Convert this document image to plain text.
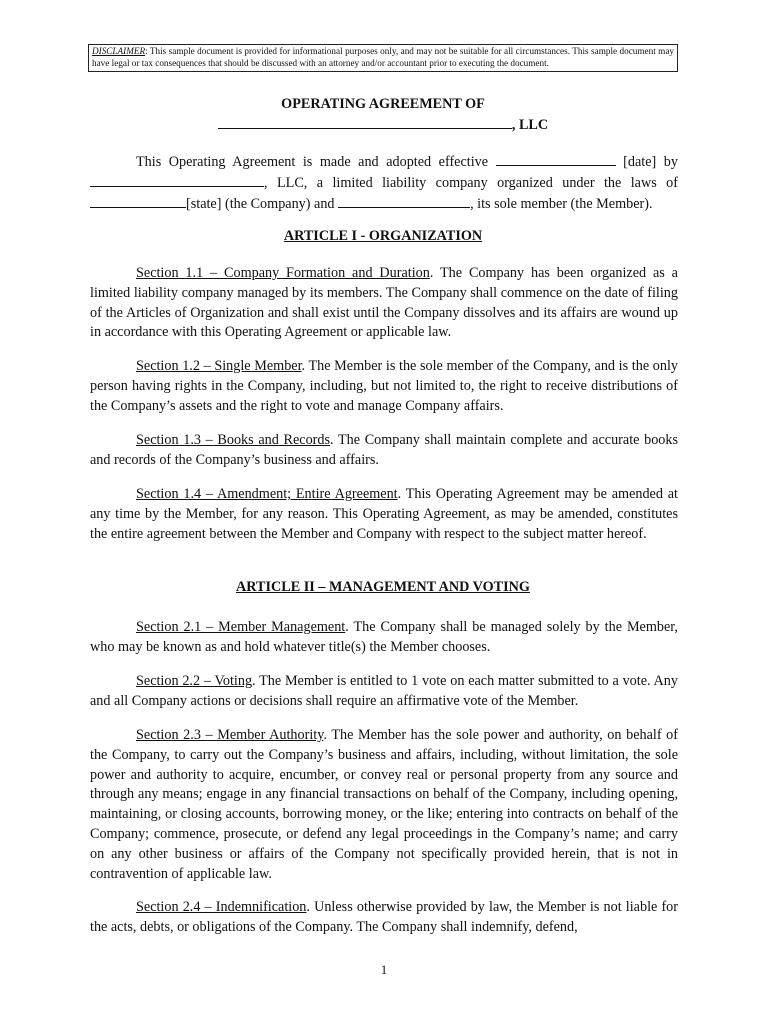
DISCLAIMER: This sample document is provided for informational purposes only, and may not be suitable for all circumstances. This sample document may have legal or tax consequences that should be discussed with an attorney and/or accountant prior to executing the document.
OPERATING AGREEMENT OF
, LLC
This Operating Agreement is made and adopted effective	[date] by , LLC, a limited liability company organized under the laws of [state] (the Company) and	, its sole member (the Member).
ARTICLE I - ORGANIZATION
Section 1.1 – Company Formation and Duration. The Company has been organized as a limited liability company managed by its members. The Company shall commence on the date of filing of the Articles of Organization and shall exist until the Company dissolves and its affairs are wound up in accordance with this Operating Agreement or applicable law.
Section 1.2 – Single Member. The Member is the sole member of the Company, and is the only person having rights in the Company, including, but not limited to, the right to receive distributions of the Company’s assets and the right to vote and manage Company affairs.
Section 1.3 – Books and Records. The Company shall maintain complete and accurate books and records of the Company’s business and affairs.
Section 1.4 – Amendment; Entire Agreement. This Operating Agreement may be amended at any time by the Member, for any reason. This Operating Agreement, as may be amended, constitutes the entire agreement between the Member and Company with respect to the subject matter hereof.
ARTICLE II – MANAGEMENT AND VOTING
Section 2.1 – Member Management. The Company shall be managed solely by the Member, who may be known as and hold whatever title(s) the Member chooses.
Section 2.2 – Voting. The Member is entitled to 1 vote on each matter submitted to a vote. Any and all Company actions or decisions shall require an affirmative vote of the Member.
Section 2.3 – Member Authority. The Member has the sole power and authority, on behalf of the Company, to carry out the Company’s business and affairs, including, without limitation, the sole power and authority to acquire, encumber, or convey real or personal property from any source and through any means; engage in any financial transactions on behalf of the Company, including opening, maintaining, or closing accounts, borrowing money, or the like; entering into contracts on behalf of the Company; commence, prosecute, or defend any legal proceedings in the Company’s name; and carry on any other business or affairs of the Company not specifically provided herein, that is not in contravention of applicable law.
Section 2.4 – Indemnification. Unless otherwise provided by law, the Member is not liable for the acts, debts, or obligations of the Company. The Company shall indemnify, defend,
1
